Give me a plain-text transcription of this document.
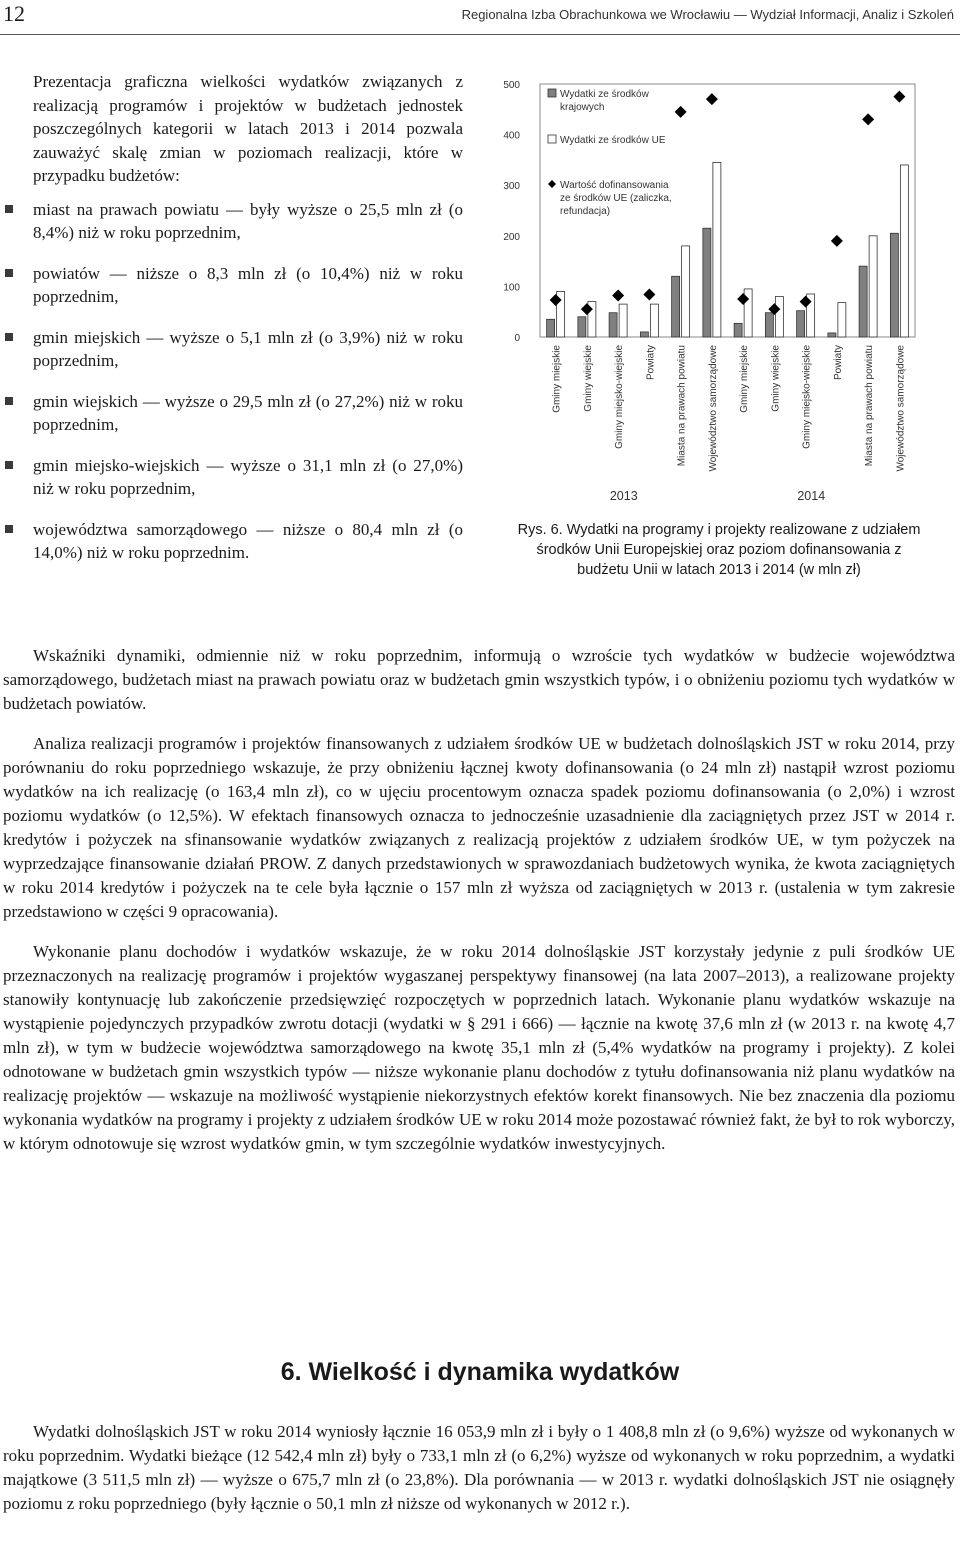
12	Regionalna Izba Obrachunkowa we Wrocławiu — Wydział Informacji, Analiz i Szkoleń

Prezentacja graficzna wielkości wydatków związanych z realizacją programów i projektów w budżetach jednostek poszczególnych kategorii w latach 2013 i 2014 pozwala zauważyć skalę zmian w poziomach realizacji, które w przypadku budżetów:

miast na prawach powiatu — były wyższe o 25,5 mln zł (o 8,4%) niż w roku poprzednim,
powiatów — niższe o 8,3 mln zł (o 10,4%) niż w roku poprzednim,
gmin miejskich — wyższe o 5,1 mln zł (o 3,9%) niż w roku poprzednim,
gmin wiejskich — wyższe o 29,5 mln zł (o 27,2%) niż w roku poprzednim,
gmin miejsko-wiejskich — wyższe o 31,1 mln zł (o 27,0%) niż w roku poprzednim,
województwa samorządowego — niższe o 80,4 mln zł (o 14,0%) niż w roku poprzednim.
500
400
300
200
100
0
Gminy miejskie Gminy wiejskie Gminy miejsko-wiejskie Powiaty Miasta na prawach powiatu Województwo samorządowe
2013
Gminy miejskie Gminy wiejskie Gminy miejsko-wiejskie Powiaty Miasta na prawach powiatu Województwo samorządowe
2014
Wydatki ze środków
krajowych
Wydatki ze środków UE
Wartość dofinansowania
ze środków UE (zaliczka,
refundacja)
Rys. 6. Wydatki na programy i projekty realizowane z udziałem środków Unii Europejskiej oraz poziom dofinansowania z budżetu Unii w latach 2013 i 2014 (w mln zł)

Wskaźniki dynamiki, odmiennie niż w roku poprzednim, informują o wzroście tych wydatków w budżecie województwa samorządowego, budżetach miast na prawach powiatu oraz w budżetach gmin wszystkich typów, i o obniżeniu poziomu tych wydatków w budżetach powiatów.

Analiza realizacji programów i projektów finansowanych z udziałem środków UE w budżetach dolnośląskich JST w roku 2014, przy porównaniu do roku poprzedniego wskazuje, że przy obniżeniu łącznej kwoty dofinansowania (o 24 mln zł) nastąpił wzrost poziomu wydatków na ich realizację (o 163,4 mln zł), co w ujęciu procentowym oznacza spadek poziomu dofinansowania (o 2,0%) i wzrost poziomu wydatków (o 12,5%). W efektach finansowych oznacza to jednocześnie uzasadnienie dla zaciągniętych przez JST w 2014 r. kredytów i pożyczek na sfinansowanie wydatków związanych z realizacją projektów z udziałem środków UE, w tym pożyczek na wyprzedzające finansowanie działań PROW. Z danych przedstawionych w sprawozdaniach budżetowych wynika, że kwota zaciągniętych w roku 2014 kredytów i pożyczek na te cele była łącznie o 157 mln zł wyższa od zaciągniętych w 2013 r. (ustalenia w tym zakresie przedstawiono w części 9 opracowania).

Wykonanie planu dochodów i wydatków wskazuje, że w roku 2014 dolnośląskie JST korzystały jedynie z puli środków UE przeznaczonych na realizację programów i projektów wygaszanej perspektywy finansowej (na lata 2007–2013), a realizowane projekty stanowiły kontynuację lub zakończenie przedsięwzięć rozpoczętych w poprzednich latach. Wykonanie planu wydatków wskazuje na wystąpienie pojedynczych przypadków zwrotu dotacji (wydatki w § 291 i 666) — łącznie na kwotę 37,6 mln zł (w 2013 r. na kwotę 4,7 mln zł), w tym w budżecie województwa samorządowego na kwotę 35,1 mln zł (5,4% wydatków na programy i projekty). Z kolei odnotowane w budżetach gmin wszystkich typów — niższe wykonanie planu dochodów z tytułu dofinansowania niż planu wydatków na realizację projektów — wskazuje na możliwość wystąpienie niekorzystnych efektów korekt finansowych. Nie bez znaczenia dla poziomu wykonania wydatków na programy i projekty z udziałem środków UE w roku 2014 może pozostawać również fakt, że był to rok wyborczy, w którym odnotowuje się wzrost wydatków gmin, w tym szczególnie wydatków inwestycyjnych.

6. Wielkość i dynamika wydatków

Wydatki dolnośląskich JST w roku 2014 wyniosły łącznie 16 053,9 mln zł i były o 1 408,8 mln zł (o 9,6%) wyższe od wykonanych w roku poprzednim. Wydatki bieżące (12 542,4 mln zł) były o 733,1 mln zł (o 6,2%) wyższe od wykonanych w roku poprzednim, a wydatki majątkowe (3 511,5 mln zł) — wyższe o 675,7 mln zł (o 23,8%). Dla porównania — w 2013 r. wydatki dolnośląskich JST nie osiągnęły poziomu z roku poprzedniego (były łącznie o 50,1 mln zł niższe od wykonanych w 2012 r.).
